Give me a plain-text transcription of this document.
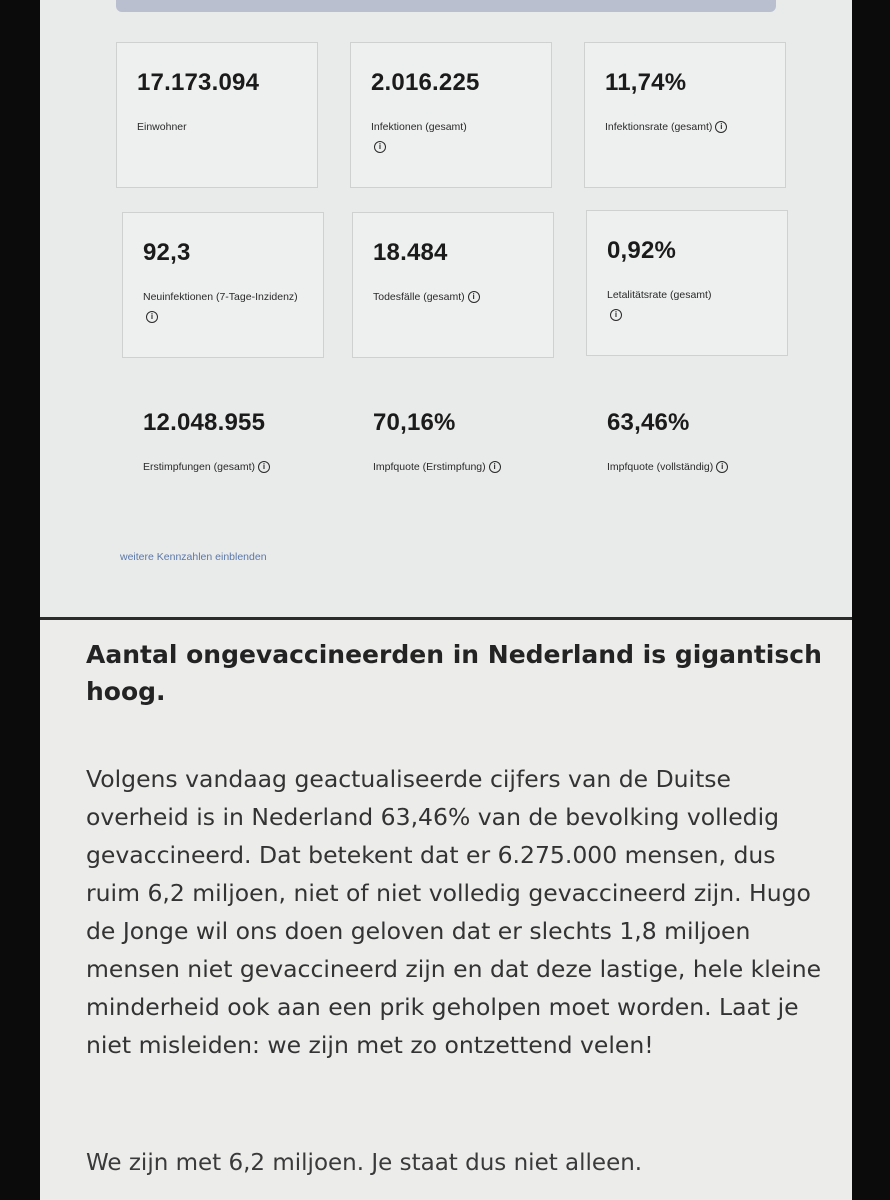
17.173.094
Einwohner
2.016.225
Infektionen (gesamt)
i
11,74%
Infektionsrate (gesamt) i
92,3
Neuinfektionen (7-Tage-Inzidenz)i
18.484
Todesfälle (gesamt) i
0,92%
Letalitätsrate (gesamt)
i
12.048.955
Erstimpfungen (gesamt) i
70,16%
Impfquote (Erstimpfung) i
63,46%
Impfquote (vollständig) i
weitere Kennzahlen einblenden
Aantal ongevaccineerden in Nederland is gigantisch hoog.
Volgens vandaag geactualiseerde cijfers van de Duitse overheid is in Nederland 63,46% van de bevolking volledig gevaccineerd. Dat betekent dat er 6.275.000 mensen, dus ruim 6,2 miljoen, niet of niet volledig gevaccineerd zijn. Hugo de Jonge wil ons doen geloven dat er slechts 1,8 miljoen mensen niet gevaccineerd zijn en dat deze lastige, hele kleine minderheid ook aan een prik geholpen moet worden. Laat je niet misleiden: we zijn met zo ontzettend velen!
We zijn met 6,2 miljoen. Je staat dus niet alleen.
